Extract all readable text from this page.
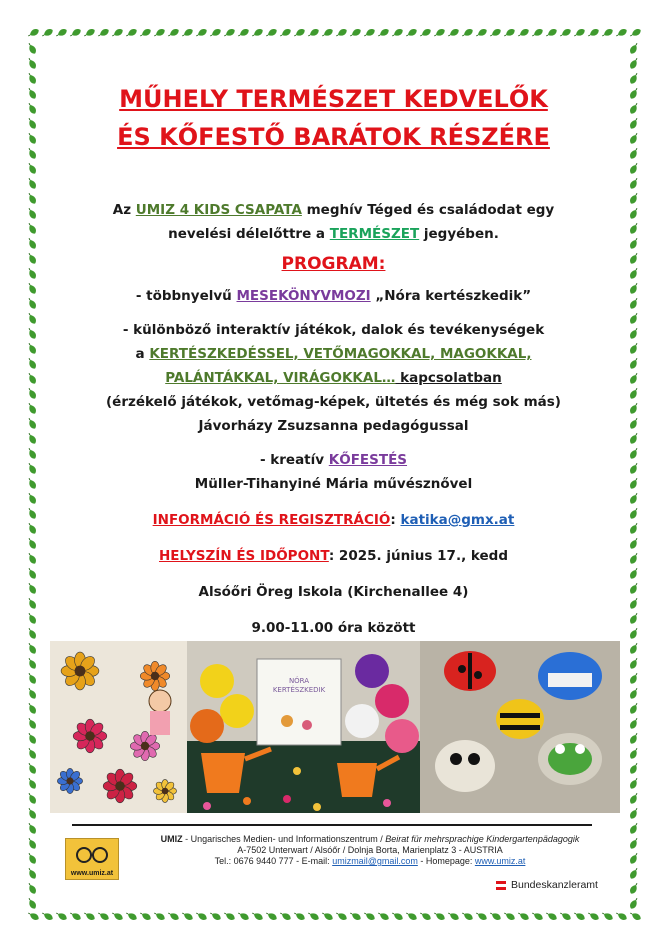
MŰHELY TERMÉSZET KEDVELŐK

ÉS KŐFESTŐ BARÁTOK RÉSZÉRE

Az UMIZ 4 KIDS CSAPATA meghív Téged és családodat egy

nevelési délelőttre a TERMÉSZET jegyében.

PROGRAM:

- többnyelvű MESEKÖNYVMOZI „Nóra kertészkedik”

- különböző interaktív játékok, dalok és tevékenységek

a KERTÉSZKEDÉSSEL, VETŐMAGOKKAL, MAGOKKAL,

PALÁNTÁKKAL, VIRÁGOKKAL… kapcsolatban

(érzékelő játékok, vetőmag-képek, ültetés és még sok más)

Jávorházy Zsuzsanna pedagógussal

- kreatív KŐFESTÉS

Müller-Tihanyiné Mária művésznővel

INFORMÁCIÓ ÉS REGISZTRÁCIÓ: katika@gmx.at

HELYSZÍN ÉS IDŐPONT: 2025. június 17., kedd

Alsóőri Öreg Iskola (Kirchenallee 4)

9.00-11.00 óra között

NÓRA
KERTÉSZKEDIK
www.umiz.at
UMIZ - Ungarisches Medien- und Informationszentrum / Beirat für mehrsprachige Kindergartenpädagogik
A-7502 Unterwart / Alsóőr / Dolnja Borta, Marienplatz 3 - AUSTRIA
Tel.: 0676 9440 777 - E-mail: umizmail@gmail.com - Homepage: www.umiz.at
Bundeskanzleramt
